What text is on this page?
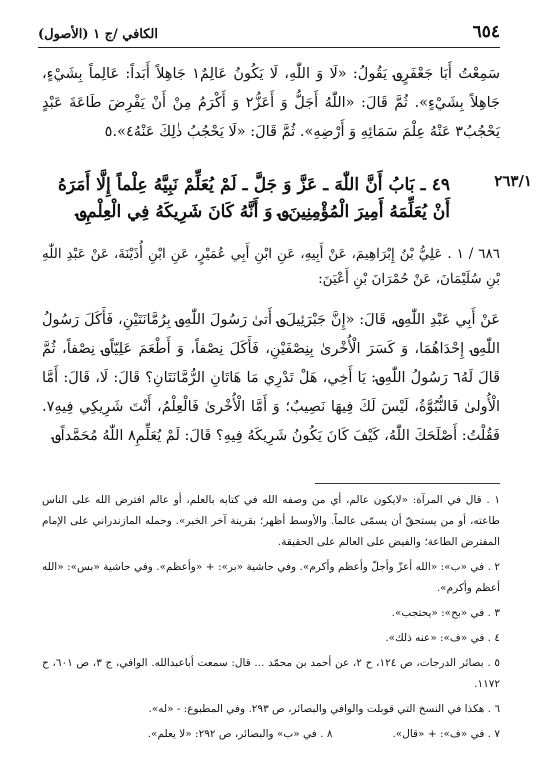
٦٥٤
الكافي /ج ١ (الأصول)
سَمِعْتُ أَبَا جَعْفَرٍ؈ يَقُولُ: «لَا وَ اللّٰهِ، لَا يَكُونُ عَالِمٌ١ جَاهِلاً أَبَداً: عَالِماً بِشَيْءٍ، جَاهِلاً بِشَيْءٍ». ثُمَّ قَالَ: «اللّٰهُ أَجَلُّ وَ أَعَزُّ٢ وَ أَكْرَمُ مِنْ أَنْ يَفْرِضَ طَاعَةَ عَبْدٍ يَحْجُبُ٣ عَنْهُ عِلْمَ سَمَائِهِ وَ أَرْضِهِ». ثُمَّ قَالَ: «لَا يَحْجُبُ ذٰلِكَ عَنْهُ٤».٥
٢٦٣/١
٤٩ ـ بَابُ أَنَّ اللّٰهَ ـ عَزَّ وَ جَلَّ ـ لَمْ يُعَلِّمْ نَبِيَّهُ عِلْماً إِلَّا أَمَرَهُ أَنْ يُعَلِّمَهُ أَمِيرَ الْمُؤْمِنِينَ؈ وَ أَنَّهُ كَانَ شَرِيكَهُ فِي الْعِلْمِ؈
٦٨٦ / ١ . عَلِيُّ بْنُ إِبْرَاهِيمَ، عَنْ أَبِيهِ، عَنِ ابْنِ أَبِي عُمَيْرٍ، عَنِ ابْنِ أُذَيْنَةَ، عَنْ عَبْدِ اللّٰهِ بْنِ سُلَيْمَانَ، عَنْ حُمْرَانَ بْنِ أَعْيَنَ:
عَنْ أَبِي عَبْدِ اللّٰهِ؈، قَالَ: «إِنَّ جَبْرَئِيلَ؈ أَتىٰ رَسُولَ اللّٰهِ؈ بِرُمَّانَتَيْنِ، فَأَكَلَ رَسُولُ اللّٰهِ؈ إِحْدَاهُمَا، وَ كَسَرَ الْأُخْرىٰ بِنِصْفَيْنِ، فَأَكَلَ نِصْفاً، وَ أَطْعَمَ عَلِيّاً؈ نِصْفاً، ثُمَّ قَالَ لَهُ٦ رَسُولُ اللّٰهِ؈: يَا أَخِي، هَلْ تَدْرِي مَا هَاتَانِ الرُّمَّانَتَانِ؟ قَالَ: لَا، قَالَ: أَمَّا الْأُولىٰ فَالنُّبُوَّةُ، لَيْسَ لَكَ فِيهَا نَصِيبٌ؛ وَ أَمَّا الْأُخْرىٰ فَالْعِلْمُ، أَنْتَ شَرِيكِي فِيهِ٧. فَقُلْتُ: أَصْلَحَكَ اللّٰهُ، كَيْفَ كَانَ يَكُونُ شَرِيكَهُ فِيهِ؟ قَالَ: لَمْ يُعَلِّمِ٨ اللّٰهُ مُحَمَّداً؈
١ . قال في المرآة: «لايكون عالم، أي من وصفه الله في كتابه بالعلم، أو عالم افترض الله على الناس طاعته، أو من يستحقّ أن يسمّى عالماً. والأوسط أظهر؛ بقرينة آخر الخبر». وحمله المازندراني على الإمام المفترض الطاعة؛ والفيض على العالم على الحقيقة.
٢ . في «ب»: «الله أعزّ وأجلّ وأعظم وأكرم». وفي حاشية «بر»: + «وأعظم». وفي حاشية «بس»: «الله أعظم وأكرم».
٣ . في «بح»: «يحتجب».
٤ . في «ف»: «عنه ذلك».
٥ . بصائر الدرجات، ص ١٢٤، ح ٢، عن أحمد بن محمّد ... قال: سمعت أباعبدالله. الوافي، ج ٣، ص ٦٠١، ح ١١٧٢.
٦ . هكذا في النسخ التي قوبلت والوافي والبصائر، ص ٢٩٣. وفي المطبوع: - «له».
٧ . في «ف»: + «قال».
٨ . في «ب» والبصائر، ص ٢٩٢: «لا يعلم».
